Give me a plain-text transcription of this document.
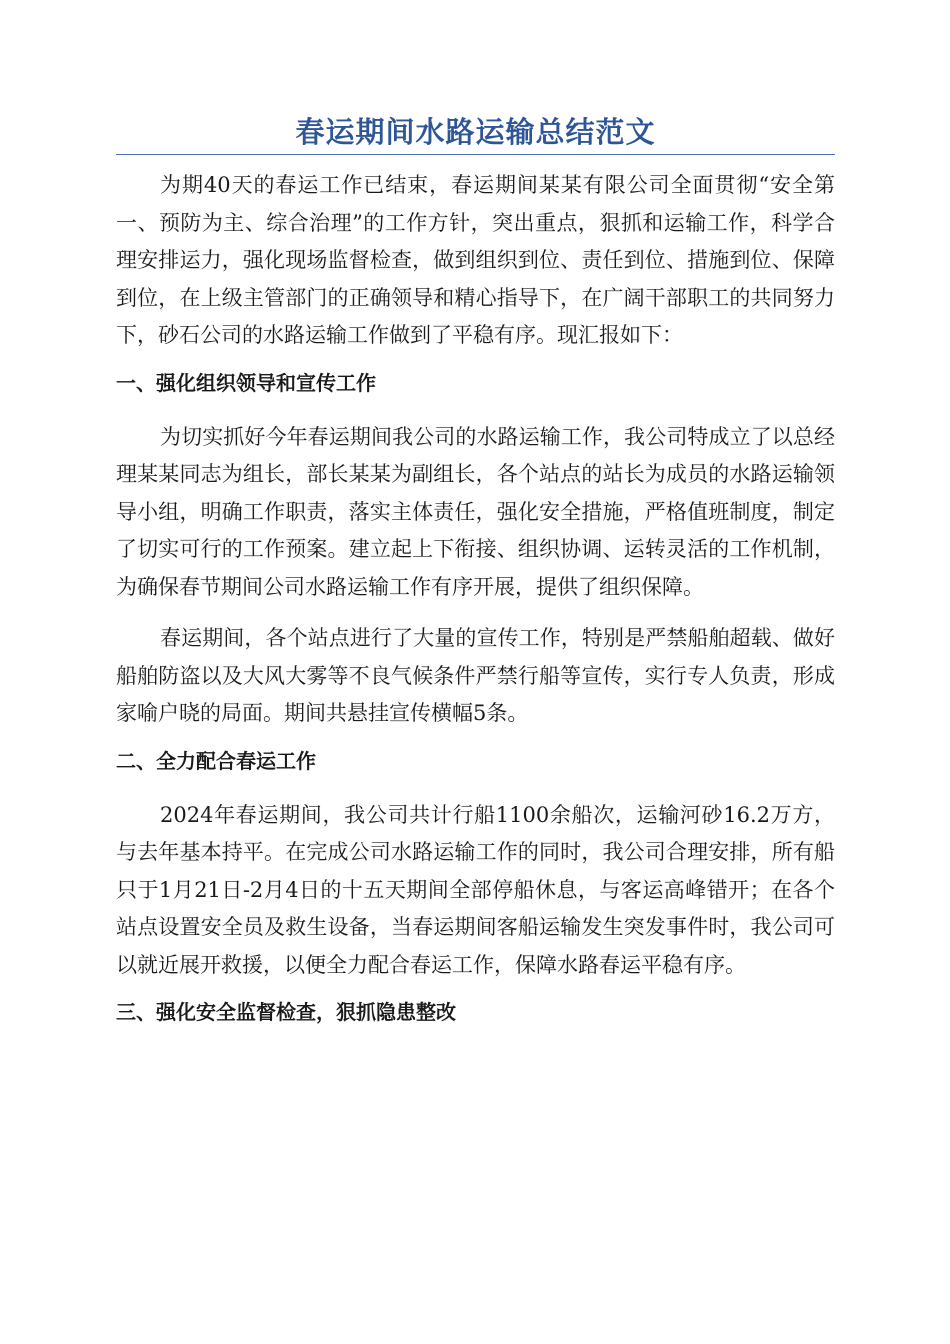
春运期间水路运输总结范文

为期40天的春运工作已结束，春运期间某某有限公司全面贯彻“安全第一、预防为主、综合治理”的工作方针，突出重点，狠抓和运输工作，科学合理安排运力，强化现场监督检查，做到组织到位、责任到位、措施到位、保障到位，在上级主管部门的正确领导和精心指导下，在广阔干部职工的共同努力下，砂石公司的水路运输工作做到了平稳有序。现汇报如下：

一、强化组织领导和宣传工作

为切实抓好今年春运期间我公司的水路运输工作，我公司特成立了以总经理某某同志为组长，部长某某为副组长，各个站点的站长为成员的水路运输领导小组，明确工作职责，落实主体责任，强化安全措施，严格值班制度，制定了切实可行的工作预案。建立起上下衔接、组织协调、运转灵活的工作机制，为确保春节期间公司水路运输工作有序开展，提供了组织保障。

春运期间，各个站点进行了大量的宣传工作，特别是严禁船舶超载、做好船舶防盗以及大风大雾等不良气候条件严禁行船等宣传，实行专人负责，形成家喻户晓的局面。期间共悬挂宣传横幅5条。

二、全力配合春运工作

2024年春运期间，我公司共计行船1100余船次，运输河砂16.2万方，与去年基本持平。在完成公司水路运输工作的同时，我公司合理安排，所有船只于1月21日-2月4日的十五天期间全部停船休息，与客运高峰错开；在各个站点设置安全员及救生设备，当春运期间客船运输发生突发事件时，我公司可以就近展开救援，以便全力配合春运工作，保障水路春运平稳有序。

三、强化安全监督检查，狠抓隐患整改
